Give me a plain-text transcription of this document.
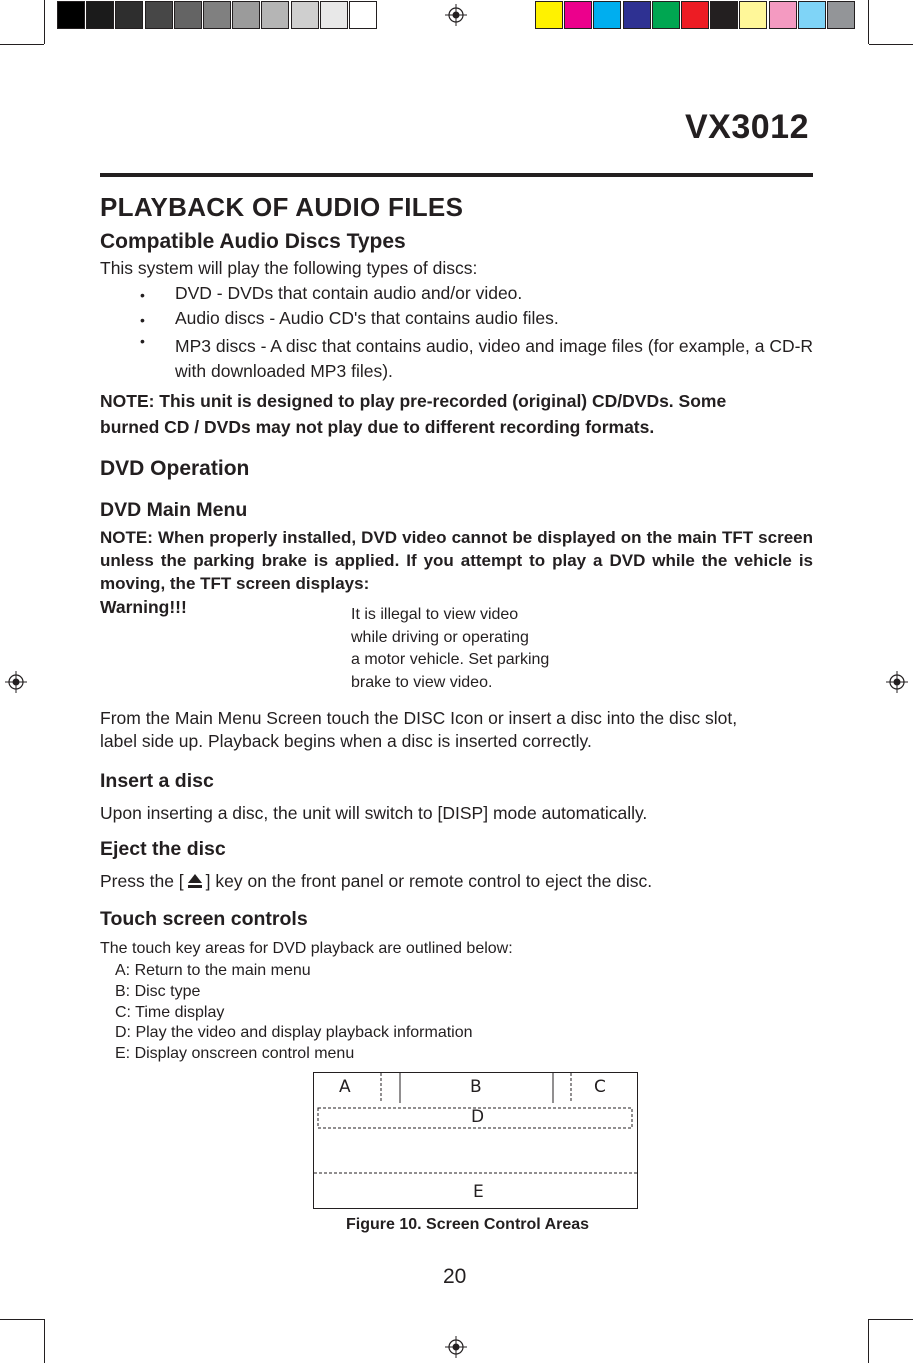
VX3012
PLAYBACK OF AUDIO FILES
Compatible Audio Discs Types
This system will play the following types of discs:
• DVD - DVDs that contain audio and/or video.
• Audio discs - Audio CD's that contains audio files.
• MP3 discs - A disc that contains audio, video and image files (for example, a CD-R
with downloaded MP3 files).
NOTE: This unit is designed to play pre-recorded (original) CD/DVDs. Some
burned CD / DVDs may not play due to different recording formats.
DVD Operation
DVD Main Menu
NOTE: When properly installed, DVD video cannot be displayed on the main TFT screen unless the parking brake is applied. If you attempt to play a DVD while the vehicle is moving, the TFT screen displays:
Warning!!!	It is illegal to view video
while driving or operating
a motor vehicle. Set parking
brake to view video.
From the Main Menu Screen touch the DISC Icon or insert a disc into the disc slot,
label side up. Playback begins when a disc is inserted correctly.
Insert a disc
Upon inserting a disc, the unit will switch to [DISP] mode automatically.
Eject the disc
Press the [ ] key on the front panel or remote control to eject the disc.
Touch screen controls
The touch key areas for DVD playback are outlined below:
A: Return to the main menu
B: Disc type
C: Time display
D: Play the video and display playback information
E: Display onscreen control menu
A	B	C
D
E
Figure 10. Screen Control Areas
20
